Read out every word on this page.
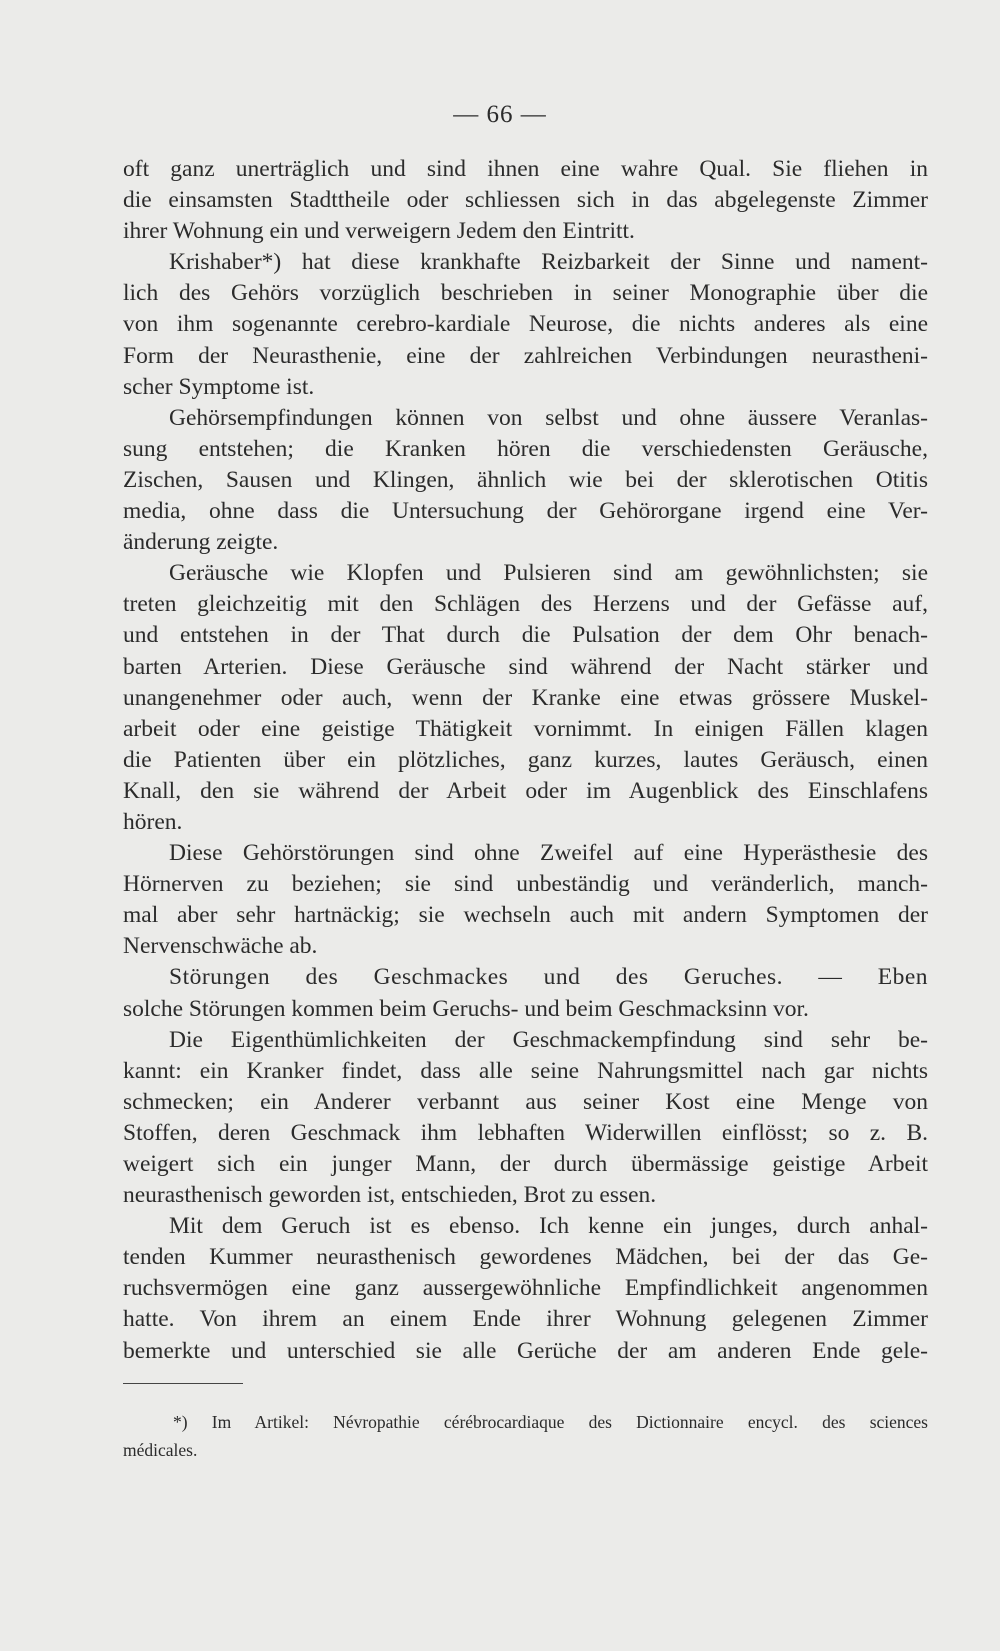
— 66 —
oft ganz unerträglich und sind ihnen eine wahre Qual. Sie fliehen in
die einsamsten Stadttheile oder schliessen sich in das abgelegenste Zimmer
ihrer Wohnung ein und verweigern Jedem den Eintritt.
Krishaber*) hat diese krankhafte Reizbarkeit der Sinne und nament-
lich des Gehörs vorzüglich beschrieben in seiner Monographie über die
von ihm sogenannte cerebro-kardiale Neurose, die nichts anderes als eine
Form der Neurasthenie, eine der zahlreichen Verbindungen neurastheni-
scher Symptome ist.
Gehörsempfindungen können von selbst und ohne äussere Veranlas-
sung entstehen; die Kranken hören die verschiedensten Geräusche,
Zischen, Sausen und Klingen, ähnlich wie bei der sklerotischen Otitis
media, ohne dass die Untersuchung der Gehörorgane irgend eine Ver-
änderung zeigte.
Geräusche wie Klopfen und Pulsieren sind am gewöhnlichsten; sie
treten gleichzeitig mit den Schlägen des Herzens und der Gefässe auf,
und entstehen in der That durch die Pulsation der dem Ohr benach-
barten Arterien. Diese Geräusche sind während der Nacht stärker und
unangenehmer oder auch, wenn der Kranke eine etwas grössere Muskel-
arbeit oder eine geistige Thätigkeit vornimmt. In einigen Fällen klagen
die Patienten über ein plötzliches, ganz kurzes, lautes Geräusch, einen
Knall, den sie während der Arbeit oder im Augenblick des Einschlafens
hören.
Diese Gehörstörungen sind ohne Zweifel auf eine Hyperästhesie des
Hörnerven zu beziehen; sie sind unbeständig und veränderlich, manch-
mal aber sehr hartnäckig; sie wechseln auch mit andern Symptomen der
Nervenschwäche ab.
Störungen des Geschmackes und des Geruches. — Eben
solche Störungen kommen beim Geruchs- und beim Geschmacksinn vor.
Die Eigenthümlichkeiten der Geschmackempfindung sind sehr be-
kannt: ein Kranker findet, dass alle seine Nahrungsmittel nach gar nichts
schmecken; ein Anderer verbannt aus seiner Kost eine Menge von
Stoffen, deren Geschmack ihm lebhaften Widerwillen einflösst; so z. B.
weigert sich ein junger Mann, der durch übermässige geistige Arbeit
neurasthenisch geworden ist, entschieden, Brot zu essen.
Mit dem Geruch ist es ebenso. Ich kenne ein junges, durch anhal-
tenden Kummer neurasthenisch gewordenes Mädchen, bei der das Ge-
ruchsvermögen eine ganz aussergewöhnliche Empfindlichkeit angenommen
hatte. Von ihrem an einem Ende ihrer Wohnung gelegenen Zimmer
bemerkte und unterschied sie alle Gerüche der am anderen Ende gele-
*) Im Artikel: Névropathie cérébrocardiaque des Dictionnaire encycl. des sciences
médicales.
